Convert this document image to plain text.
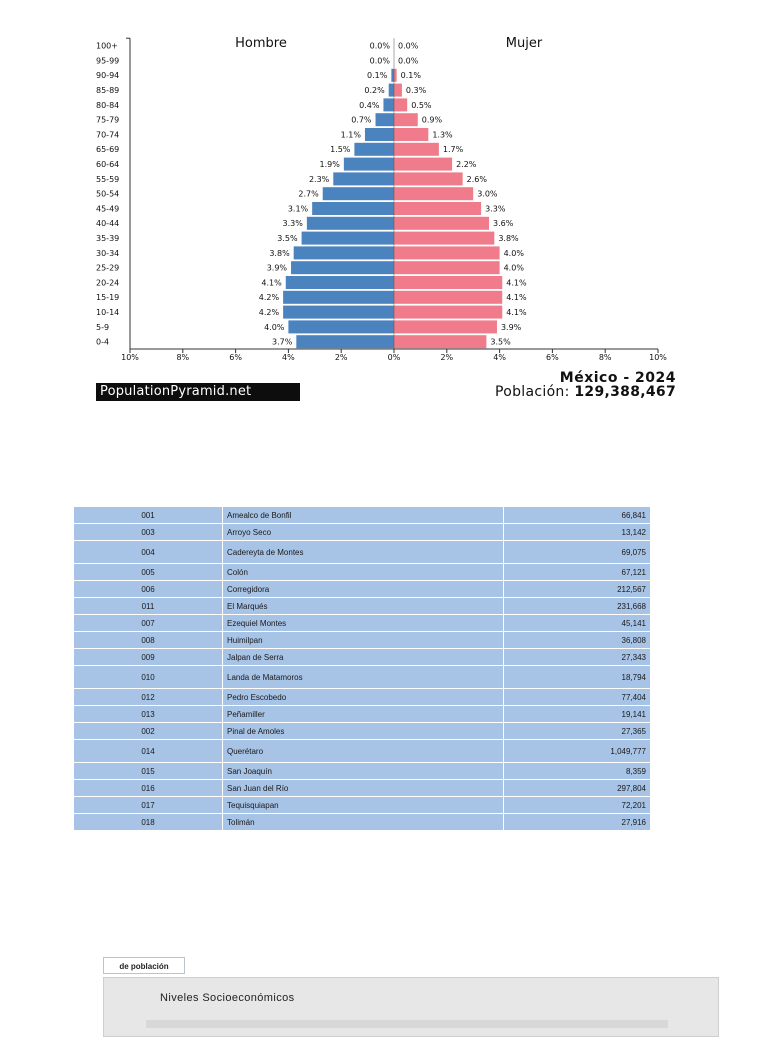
0-4
5-9
10-14
15-19
20-24
25-29
30-34
35-39
40-44
45-49
50-54
55-59
60-64
65-69
70-74
75-79
80-84
85-89
90-94
95-99
100+
3.7%	3.5%
4.0%	3.9%
4.2%	4.1%
4.2%	4.1%
4.1%	4.1%
3.9%	4.0%
3.8%	4.0%
3.5%	3.8%
3.3%	3.6%
3.1%	3.3%
2.7%	3.0%
2.3%	2.6%
1.9%	2.2%
1.5%	1.7%
1.1%	1.3%
0.7%	0.9%
0.4%	0.5%
0.2%	0.3%
0.1% 0.1%
0.0% 0.0%
0.0% 0.0%
10%	8%	6%	4%	2%	0%	2%	4%	6%	8%	10%
Hombre	Mujer
PopulationPyramid.net
México - 2024
Población: 129,388,467
001	Amealco de Bonfil	66,841
003	Arroyo Seco	13,142
004	Cadereyta de Montes	69,075
005	Colón	67,121
006	Corregidora	212,567
011	El Marqués	231,668
007	Ezequiel Montes	45,141
008	Huimilpan	36,808
009	Jalpan de Serra	27,343
010	Landa de Matamoros	18,794
012	Pedro Escobedo	77,404
013	Peñamiller	19,141
002	Pinal de Amoles	27,365
014	Querétaro	1,049,777
015	San Joaquín	8,359
016	San Juan del Río	297,804
017	Tequisquiapan	72,201
018	Tolimán	27,916
de población
Niveles Socioeconómicos
